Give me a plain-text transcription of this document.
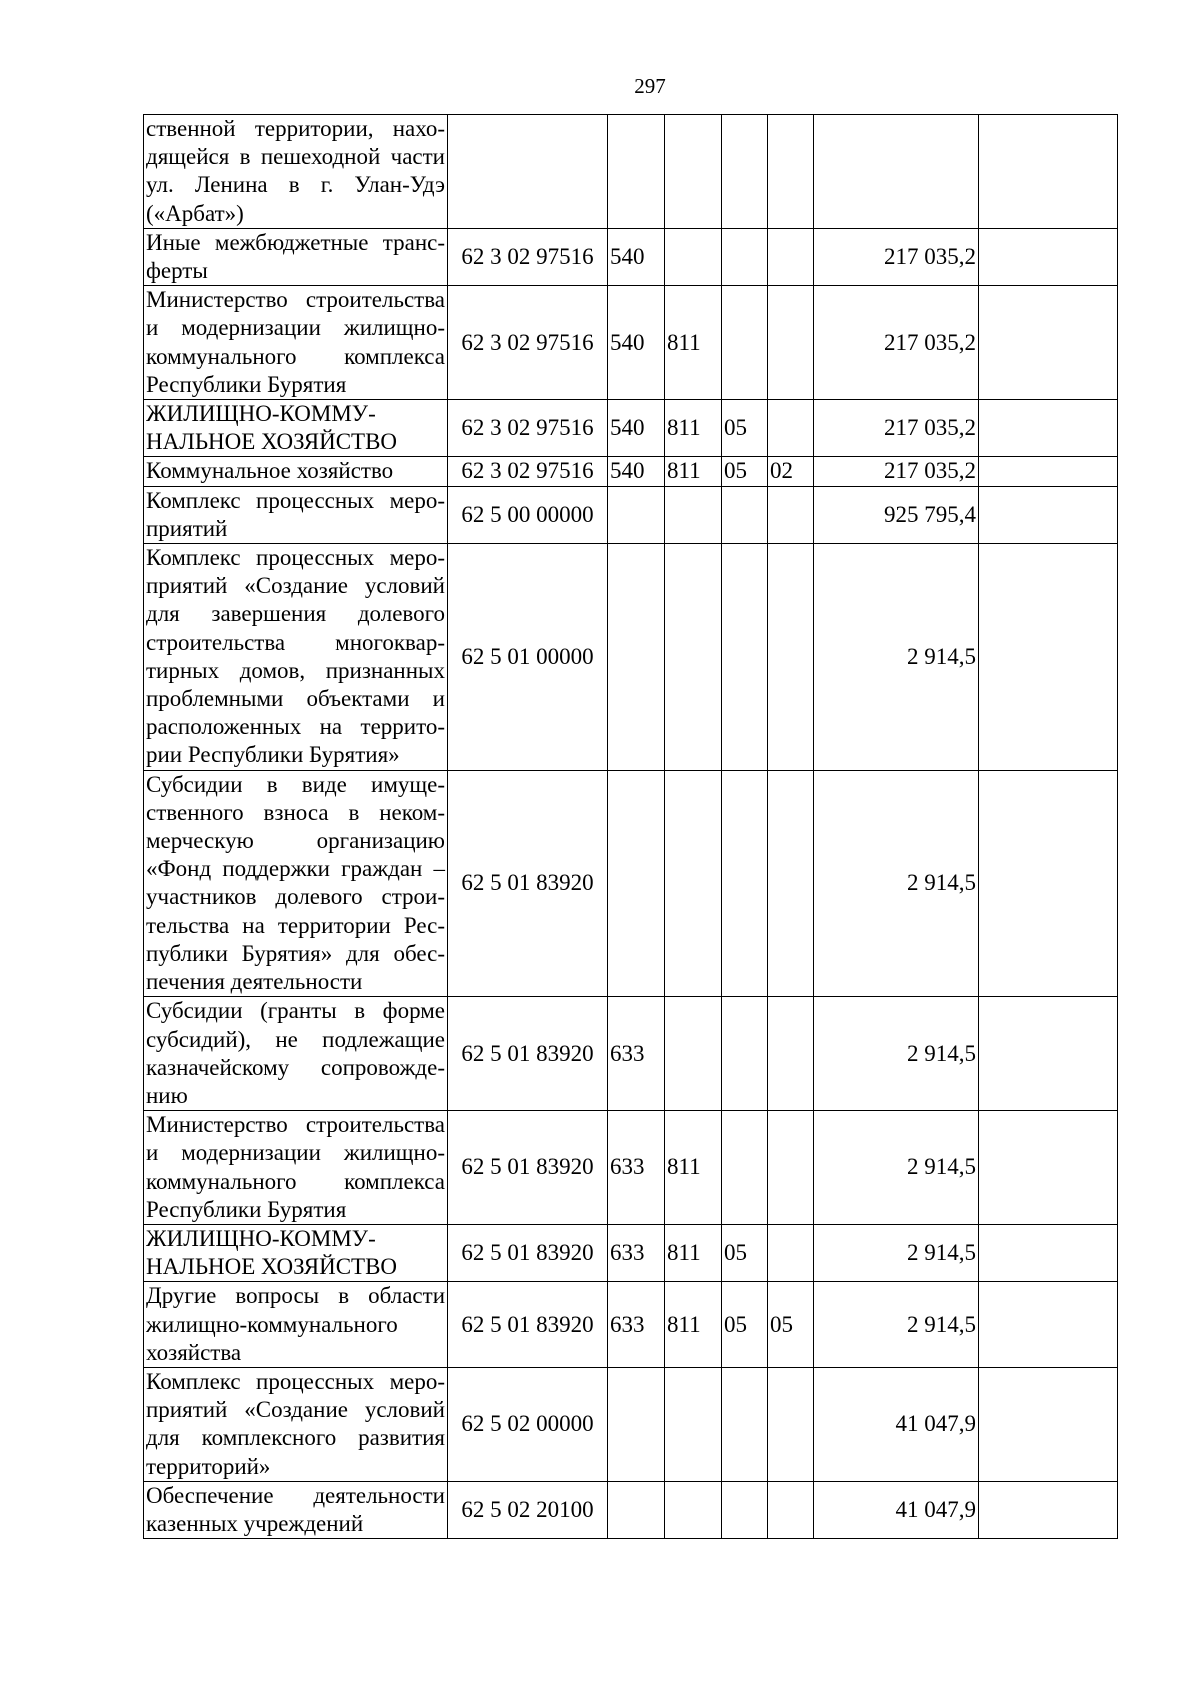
297
ственной территории, нахо- дящейся в пешеходной части ул. Ленина в г. Улан-Удэ («Арбат»)							
Иные межбюджетные транс- ферты	62 3 02 97516	540				217 035,2	
Министерство строительства и модернизации жилищно- коммунального комплекса Республики Бурятия	62 3 02 97516	540	811			217 035,2	
ЖИЛИЩНО-КОММУ- НАЛЬНОЕ ХОЗЯЙСТВО	62 3 02 97516	540	811	05		217 035,2	
Коммунальное хозяйство	62 3 02 97516	540	811	05	02	217 035,2	
Комплекс процессных меро- приятий	62 5 00 00000					925 795,4	
Комплекс процессных меро- приятий «Создание условий для завершения долевого строительства многоквар- тирных домов, признанных проблемными объектами и расположенных на террито- рии Республики Бурятия»	62 5 01 00000					2 914,5	
Субсидии в виде имуще- ственного взноса в неком- мерческую организацию «Фонд поддержки граждан – участников долевого строи- тельства на территории Рес- публики Бурятия» для обес- печения деятельности	62 5 01 83920					2 914,5	
Субсидии (гранты в форме субсидий), не подлежащие казначейскому сопровожде- нию	62 5 01 83920	633				2 914,5	
Министерство строительства и модернизации жилищно- коммунального комплекса Республики Бурятия	62 5 01 83920	633	811			2 914,5	
ЖИЛИЩНО-КОММУ- НАЛЬНОЕ ХОЗЯЙСТВО	62 5 01 83920	633	811	05		2 914,5	
Другие вопросы в области жилищно-коммунального хозяйства	62 5 01 83920	633	811	05	05	2 914,5	
Комплекс процессных меро- приятий «Создание условий для комплексного развития территорий»	62 5 02 00000					41 047,9	
Обеспечение деятельности казенных учреждений	62 5 02 20100					41 047,9	
